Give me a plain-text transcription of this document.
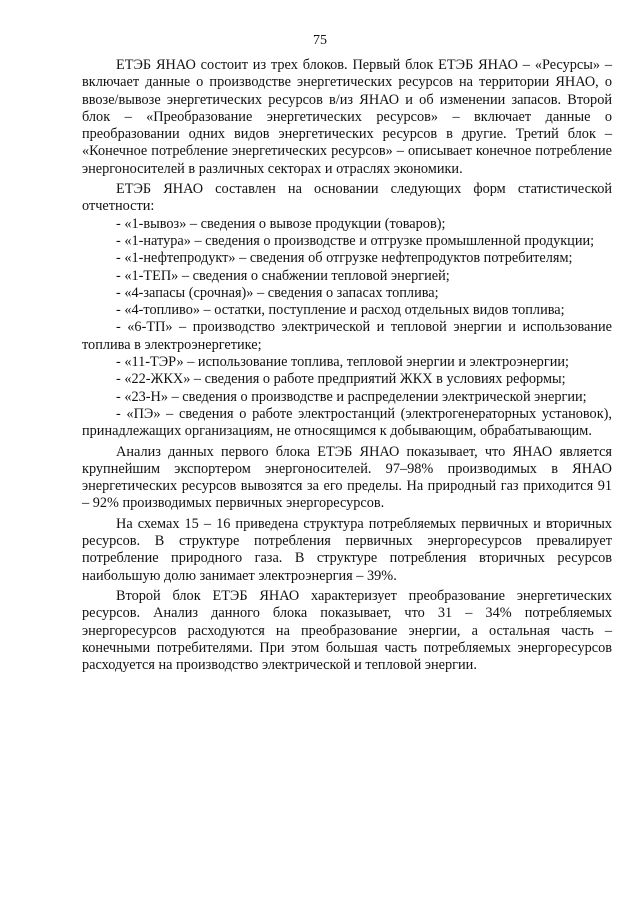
75

ЕТЭБ ЯНАО состоит из трех блоков. Первый блок ЕТЭБ ЯНАО – «Ресурсы» – включает данные о производстве энергетических ресурсов на территории ЯНАО, о ввозе/вывозе энергетических ресурсов в/из ЯНАО и об изменении запасов. Второй блок – «Преобразование энергетических ресурсов» – включает данные о преобразовании одних видов энергетических ресурсов в другие. Третий блок – «Конечное потребление энергетических ресурсов» – описывает конечное потребление энергоносителей в различных секторах и отраслях экономики.

ЕТЭБ ЯНАО составлен на основании следующих форм статистической отчетности:

- «1-вывоз» – сведения о вывозе продукции (товаров);

- «1-натура» – сведения о производстве и отгрузке промышленной продукции;

- «1-нефтепродукт» – сведения об отгрузке нефтепродуктов потребителям;

- «1-ТЕП» – сведения о снабжении тепловой энергией;

- «4-запасы (срочная)» – сведения о запасах топлива;

- «4-топливо» – остатки, поступление и расход отдельных видов топлива;

- «6-ТП» – производство электрической и тепловой энергии и использование топлива в электроэнергетике;

- «11-ТЭР» – использование топлива, тепловой энергии и электроэнергии;

- «22-ЖКХ» – сведения о работе предприятий ЖКХ в условиях реформы;

- «23-Н» – сведения о производстве и распределении электрической энергии;

- «ПЭ» – сведения о работе электростанций (электрогенераторных установок), принадлежащих организациям, не относящимся к добывающим, обрабатывающим.

Анализ данных первого блока ЕТЭБ ЯНАО показывает, что ЯНАО является крупнейшим экспортером энергоносителей. 97–98% производимых в ЯНАО энергетических ресурсов вывозятся за его пределы. На природный газ приходится 91 – 92% производимых первичных энергоресурсов.

На схемах 15 – 16 приведена структура потребляемых первичных и вторичных ресурсов. В структуре потребления первичных энергоресурсов превалирует потребление природного газа. В структуре потребления вторичных ресурсов наибольшую долю занимает электроэнергия – 39%.

Второй блок ЕТЭБ ЯНАО характеризует преобразование энергетических ресурсов. Анализ данного блока показывает, что 31 – 34% потребляемых энергоресурсов расходуются на преобразование энергии, а остальная часть – конечными потребителями. При этом большая часть потребляемых энергоресурсов расходуется на производство электрической и тепловой энергии.
